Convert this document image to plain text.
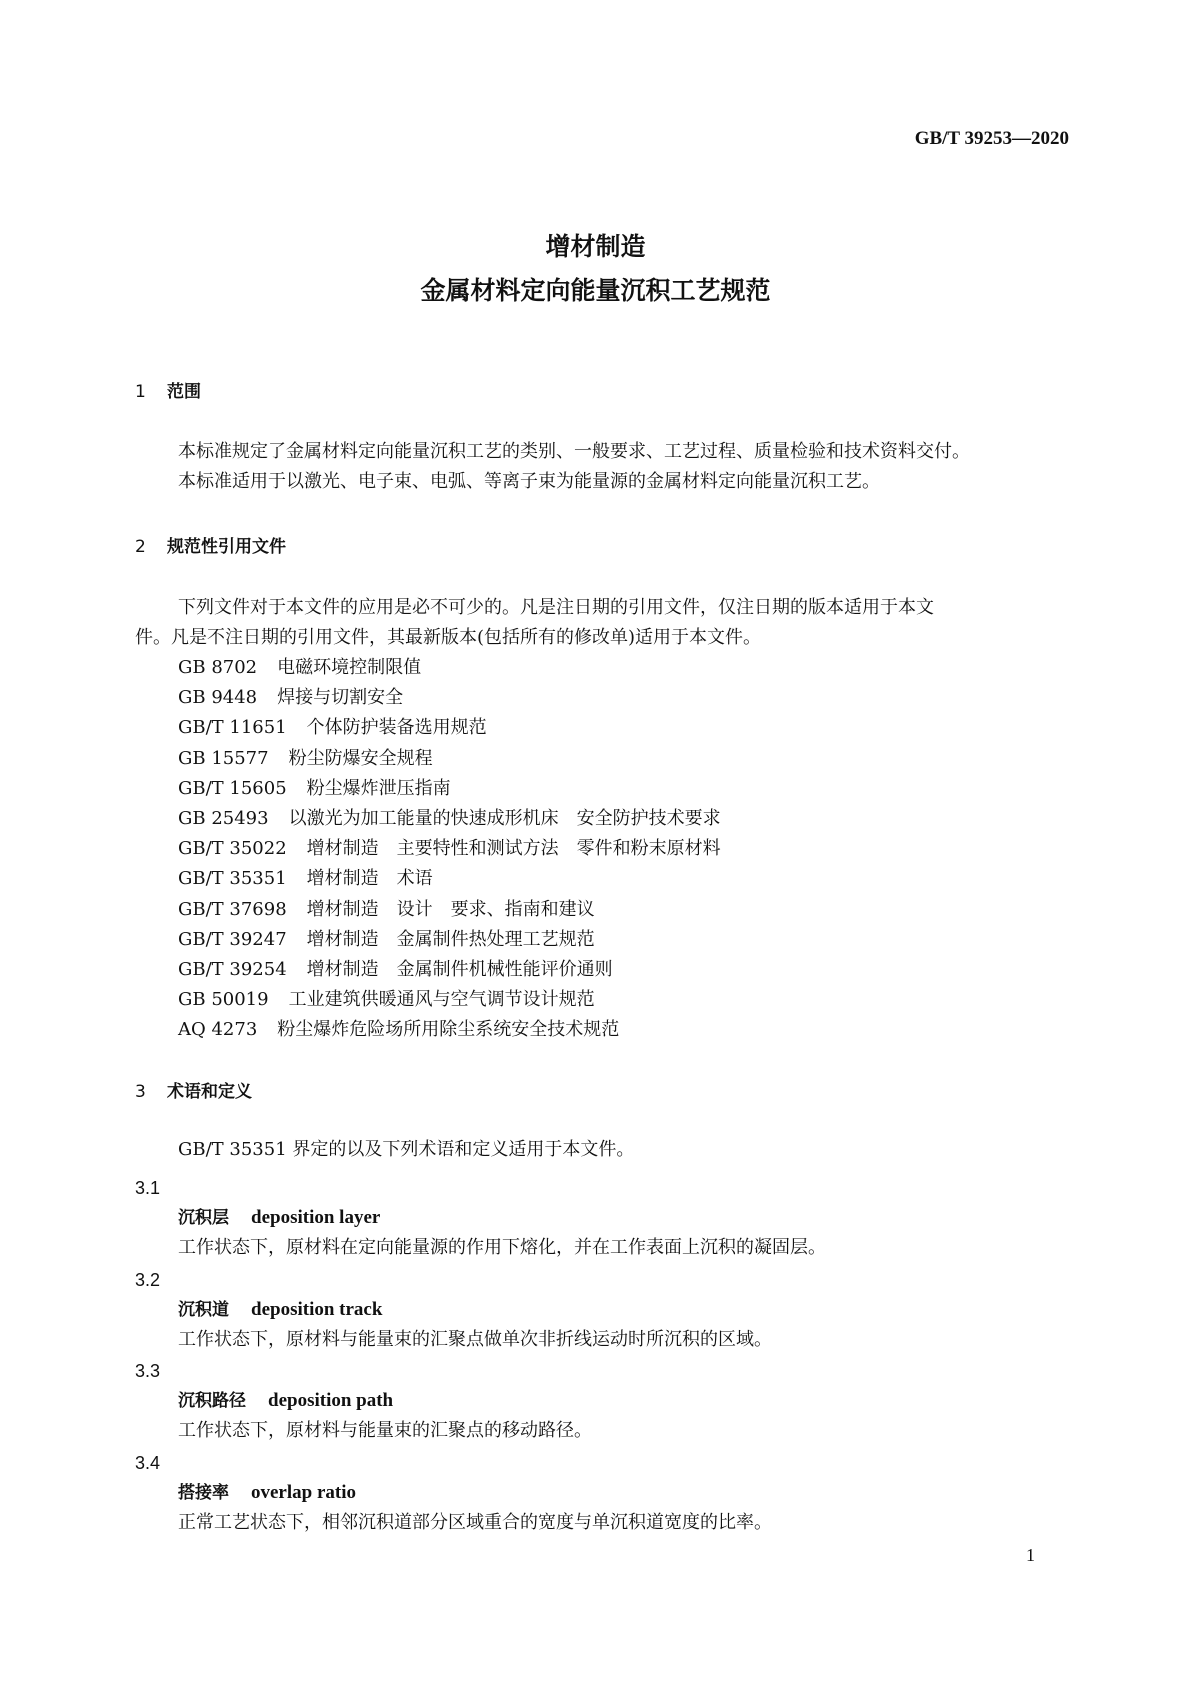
GB/T 39253—2020
增材制造
金属材料定向能量沉积工艺规范
1 范围
本标准规定了金属材料定向能量沉积工艺的类别、一般要求、工艺过程、质量检验和技术资料交付。
本标准适用于以激光、电子束、电弧、等离子束为能量源的金属材料定向能量沉积工艺。
2 规范性引用文件
下列文件对于本文件的应用是必不可少的。凡是注日期的引用文件，仅注日期的版本适用于本文
件。凡是不注日期的引用文件，其最新版本(包括所有的修改单)适用于本文件。
GB 8702 电磁环境控制限值
GB 9448 焊接与切割安全
GB/T 11651 个体防护装备选用规范
GB 15577 粉尘防爆安全规程
GB/T 15605 粉尘爆炸泄压指南
GB 25493 以激光为加工能量的快速成形机床　安全防护技术要求
GB/T 35022 增材制造　主要特性和测试方法　零件和粉末原材料
GB/T 35351 增材制造　术语
GB/T 37698 增材制造　设计　要求、指南和建议
GB/T 39247 增材制造　金属制件热处理工艺规范
GB/T 39254 增材制造　金属制件机械性能评价通则
GB 50019 工业建筑供暖通风与空气调节设计规范
AQ 4273 粉尘爆炸危险场所用除尘系统安全技术规范
3 术语和定义
GB/T 35351 界定的以及下列术语和定义适用于本文件。
3.1
沉积层 deposition layer
工作状态下，原材料在定向能量源的作用下熔化，并在工作表面上沉积的凝固层。
3.2
沉积道 deposition track
工作状态下，原材料与能量束的汇聚点做单次非折线运动时所沉积的区域。
3.3
沉积路径 deposition path
工作状态下，原材料与能量束的汇聚点的移动路径。
3.4
搭接率 overlap ratio
正常工艺状态下，相邻沉积道部分区域重合的宽度与单沉积道宽度的比率。
1
